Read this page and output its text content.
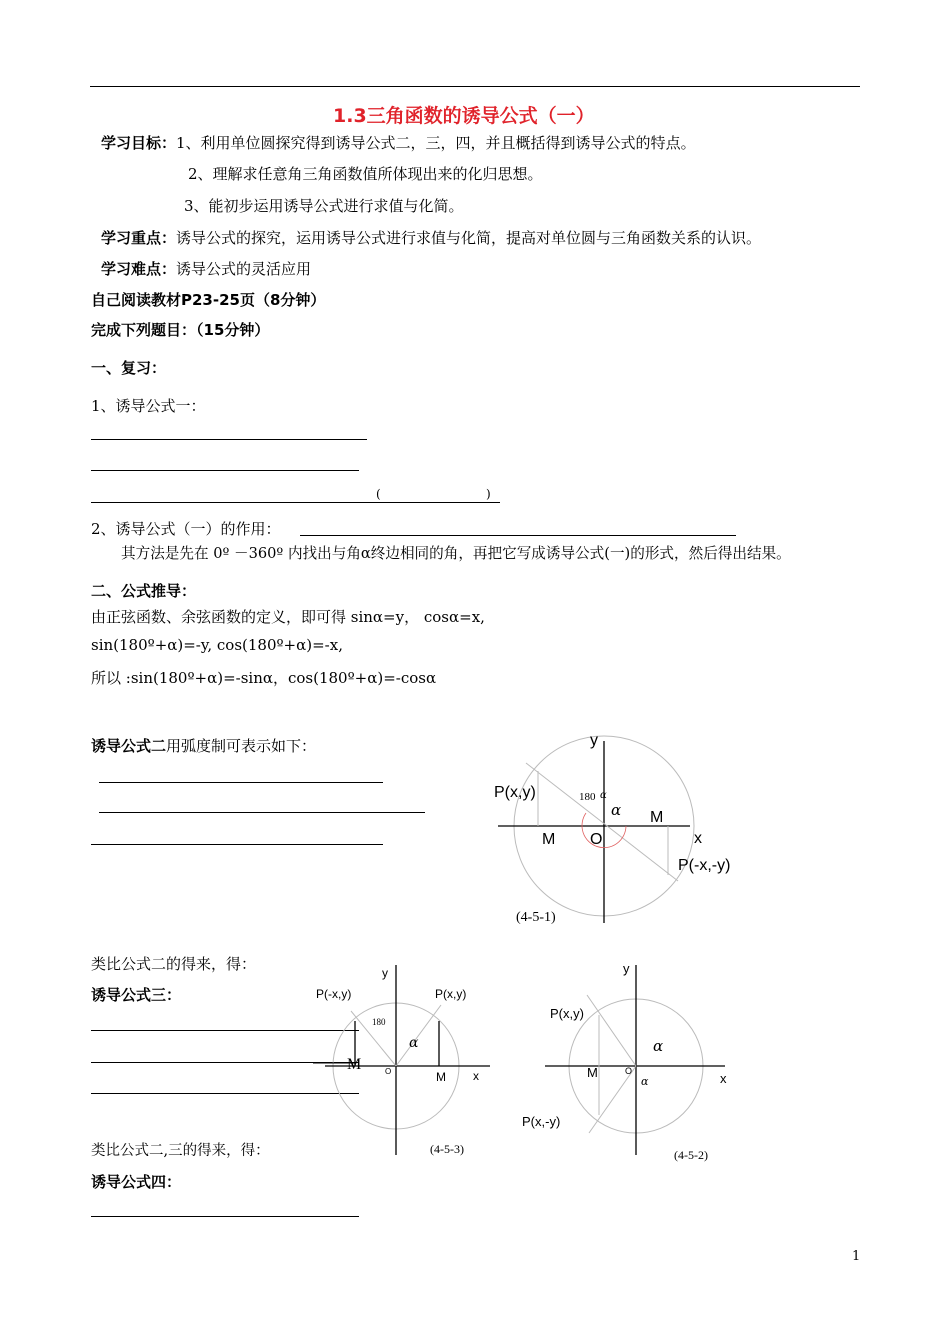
1.3三角函数的诱导公式（一）
学习目标：1、利用单位圆探究得到诱导公式二，三，四，并且概括得到诱导公式的特点。
2、理解求任意角三角函数值所体现出来的化归思想。
3、能初步运用诱导公式进行求值与化简。
学习重点：诱导公式的探究，运用诱导公式进行求值与化简，提高对单位圆与三角函数关系的认识。
学习难点：诱导公式的灵活应用
自己阅读教材P23-25页（8分钟）
完成下列题目：（15分钟）
一、复习：
1、诱导公式一：
(	)
2、诱导公式（一）的作用：
其方法是先在 0º －360º 内找出与角α终边相同的角，再把它写成诱导公式(一)的形式，然后得出结果。
二、公式推导：
由正弦函数、余弦函数的定义，即可得 sinα=y， cosα=x,
sin(180º+α)=-y, cos(180º+α)=-x,
所以 :sin(180º+α)=-sinα，cos(180º+α)=-cosα
诱导公式二用弧度制可表示如下：	y
x
P(x,y)
P(-x,-y)
M
M
O
180 α
α
(4-5-1)
类比公式二的得来，得：
诱导公式三：
y
x
P(-x,y)	P(x,y)
M
M
O
180
α
(4-5-3)
y
x
P(x,y)
P(x,-y)
M	O
α
α
(4-5-2)
类比公式二,三的得来，得：
诱导公式四：
1
